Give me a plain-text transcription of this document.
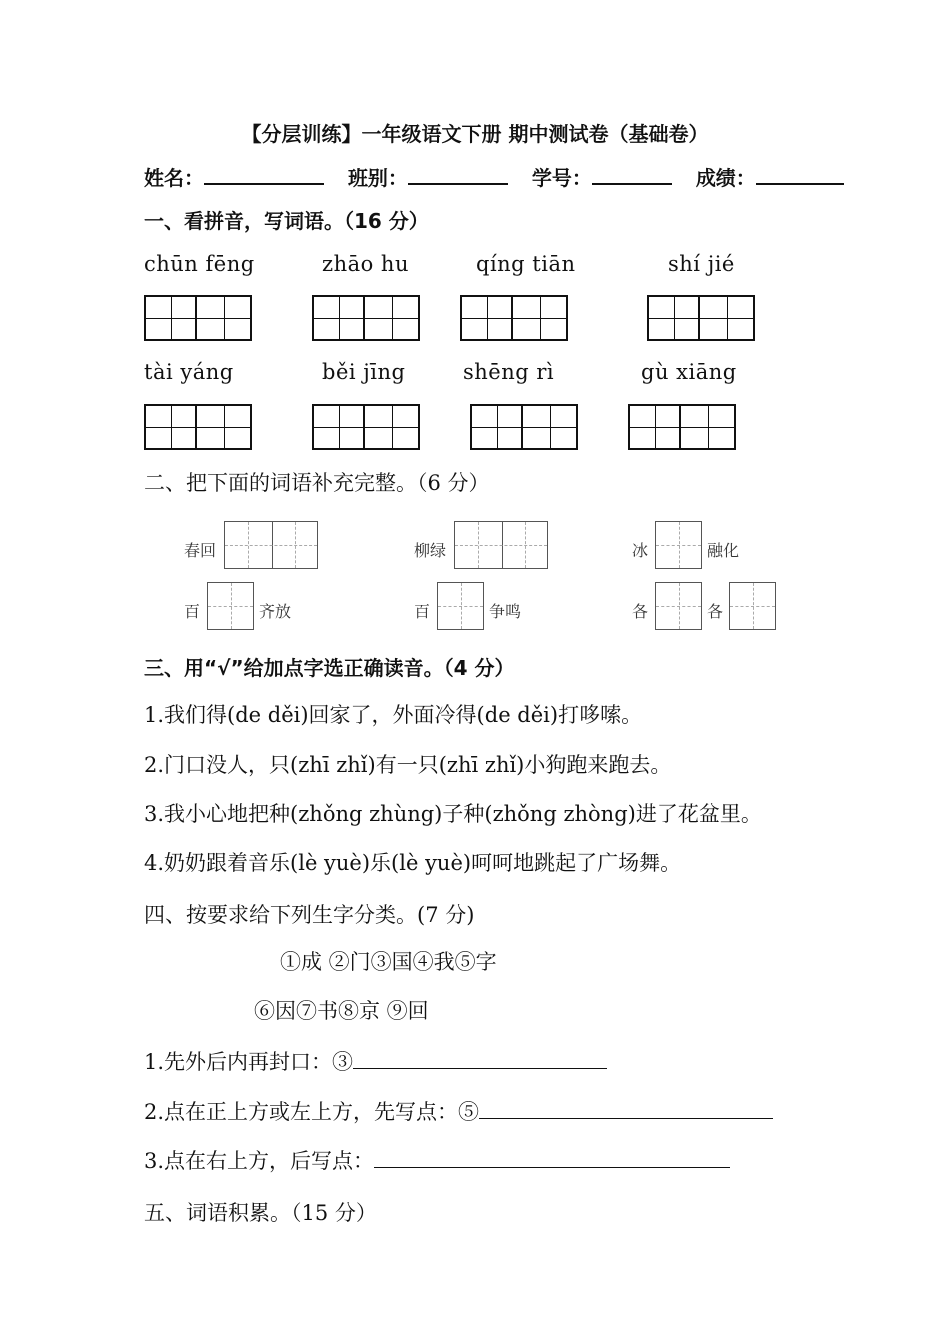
【分层训练】一年级语文下册 期中测试卷（基础卷）
姓名：	班别：	学号：	成绩：
一、看拼音，写词语。（16 分）
chūn fēng	zhāo hu	qíng tiān	shí jié
tài yáng	běi jīng	shēng rì	gù xiāng
二、把下面的词语补充完整。（6 分）
春回	柳绿	冰	融化
百	齐放	百	争鸣	各	各
三、用“√”给加点字选正确读音。（4 分）
1.我们得(de děi)回家了，外面冷得(de děi)打哆嗦。
2.门口没人，只(zhī zhǐ)有一只(zhī zhǐ)小狗跑来跑去。
3.我小心地把种(zhǒng zhùng)子种(zhǒng zhòng)进了花盆里。
4.奶奶跟着音乐(lè yuè)乐(lè yuè)呵呵地跳起了广场舞。
四、按要求给下列生字分类。(7 分)
①成 ②门③国④我⑤字
⑥因⑦书⑧京 ⑨回
1.先外后内再封口：③
2.点在正上方或左上方，先写点：⑤
3.点在右上方，后写点：
五、词语积累。（15 分）
